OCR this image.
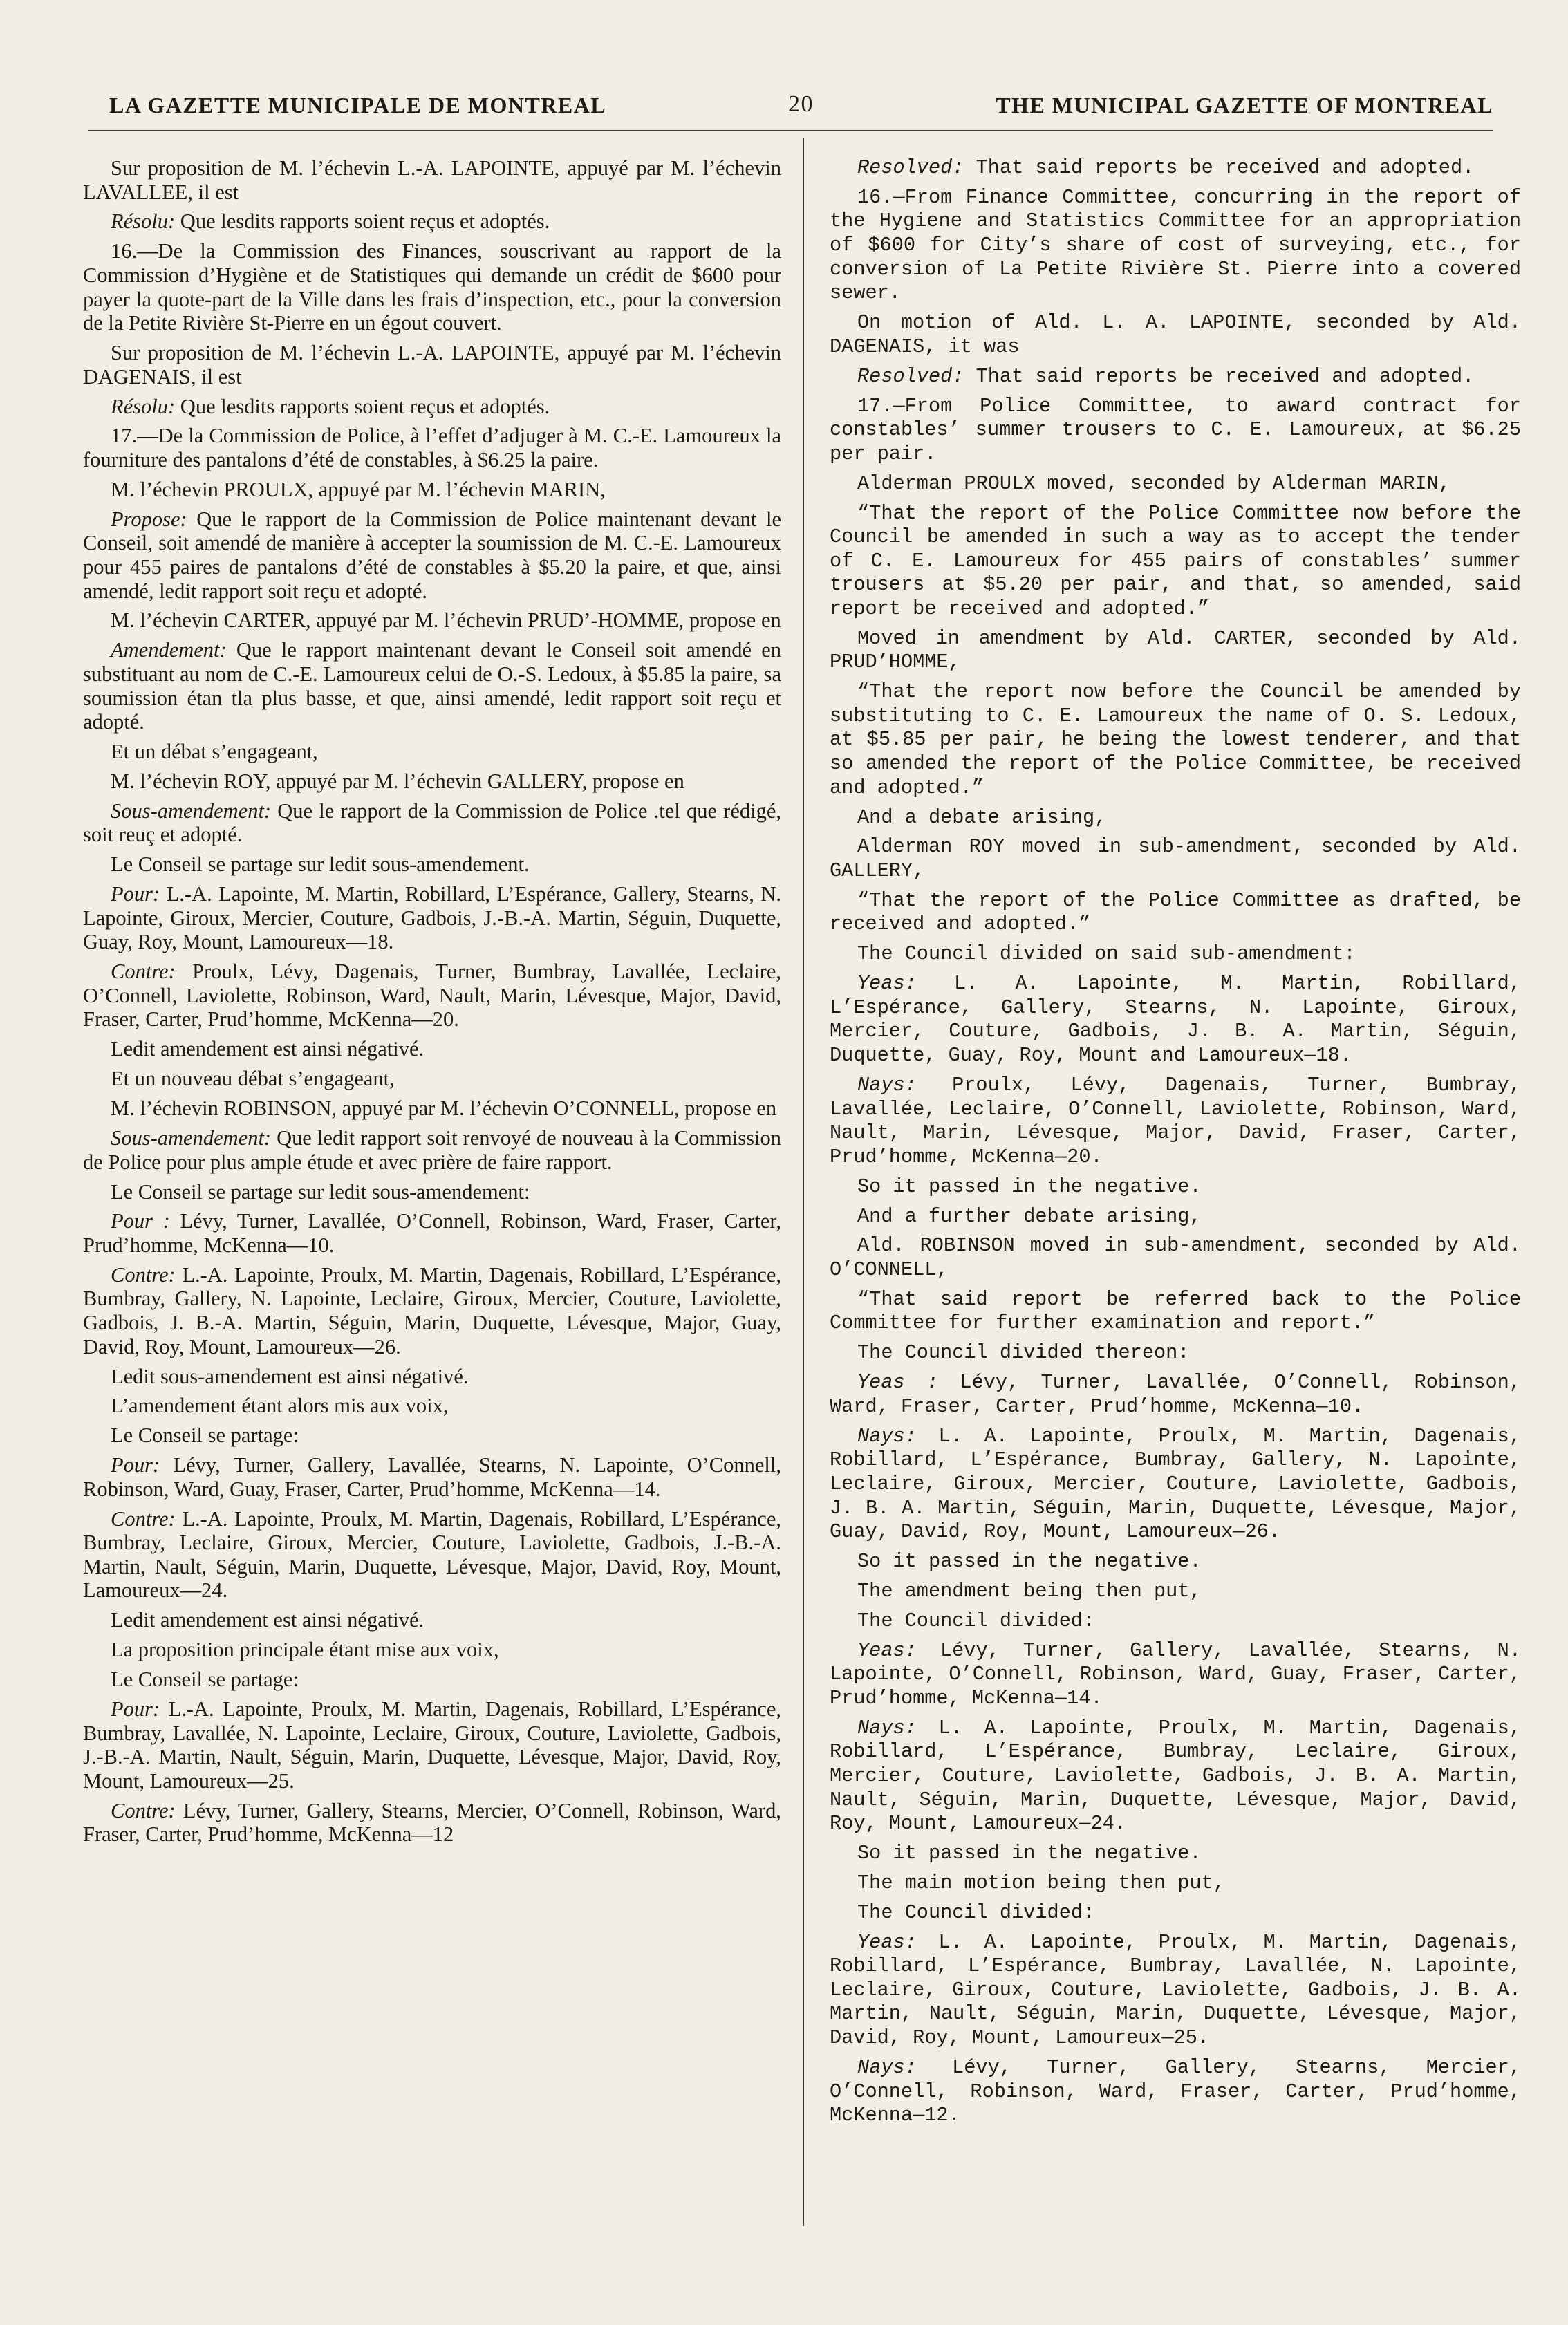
LA GAZETTE MUNICIPALE DE MONTREAL	20	THE MUNICIPAL GAZETTE OF MONTREAL

Sur proposition de M. l’échevin L.-A. LAPOINTE, appuyé par M. l’échevin LAVALLEE, il est

Résolu: Que lesdits rapports soient reçus et adoptés.

16.—De la Commission des Finances, souscrivant au rapport de la Commission d’Hygiène et de Statistiques qui demande un crédit de $600 pour payer la quote-part de la Ville dans les frais d’inspection, etc., pour la conversion de la Petite Rivière St-Pierre en un égout couvert.

Sur proposition de M. l’échevin L.-A. LAPOINTE, appuyé par M. l’échevin DAGENAIS, il est

Résolu: Que lesdits rapports soient reçus et adoptés.

17.—De la Commission de Police, à l’effet d’adjuger à M. C.-E. Lamoureux la fourniture des pantalons d’été de constables, à $6.25 la paire.

M. l’échevin PROULX, appuyé par M. l’échevin MARIN,

Propose: Que le rapport de la Commission de Police maintenant devant le Conseil, soit amendé de manière à accepter la soumission de M. C.-E. Lamoureux pour 455 paires de pantalons d’été de constables à $5.20 la paire, et que, ainsi amendé, ledit rapport soit reçu et adopté.

M. l’échevin CARTER, appuyé par M. l’échevin PRUD’-HOMME, propose en

Amendement: Que le rapport maintenant devant le Conseil soit amendé en substituant au nom de C.-E. Lamoureux celui de O.-S. Ledoux, à $5.85 la paire, sa soumission étan tla plus basse, et que, ainsi amendé, ledit rapport soit reçu et adopté.

Et un débat s’engageant,

M. l’échevin ROY, appuyé par M. l’échevin GALLERY, propose en

Sous-amendement: Que le rapport de la Commission de Police .tel que rédigé, soit reuç et adopté.

Le Conseil se partage sur ledit sous-amendement.

Pour: L.-A. Lapointe, M. Martin, Robillard, L’Espérance, Gallery, Stearns, N. Lapointe, Giroux, Mercier, Couture, Gadbois, J.-B.-A. Martin, Séguin, Duquette, Guay, Roy, Mount, Lamoureux—18.

Contre: Proulx, Lévy, Dagenais, Turner, Bumbray, Lavallée, Leclaire, O’Connell, Laviolette, Robinson, Ward, Nault, Marin, Lévesque, Major, David, Fraser, Carter, Prud’homme, McKenna—20.

Ledit amendement est ainsi négativé.

Et un nouveau débat s’engageant,

M. l’échevin ROBINSON, appuyé par M. l’échevin O’CONNELL, propose en

Sous-amendement: Que ledit rapport soit renvoyé de nouveau à la Commission de Police pour plus ample étude et avec prière de faire rapport.

Le Conseil se partage sur ledit sous-amendement:

Pour : Lévy, Turner, Lavallée, O’Connell, Robinson, Ward, Fraser, Carter, Prud’homme, McKenna—10.

Contre: L.-A. Lapointe, Proulx, M. Martin, Dagenais, Robillard, L’Espérance, Bumbray, Gallery, N. Lapointe, Leclaire, Giroux, Mercier, Couture, Laviolette, Gadbois, J. B.-A. Martin, Séguin, Marin, Duquette, Lévesque, Major, Guay, David, Roy, Mount, Lamoureux—26.

Ledit sous-amendement est ainsi négativé.

L’amendement étant alors mis aux voix,

Le Conseil se partage:

Pour: Lévy, Turner, Gallery, Lavallée, Stearns, N. Lapointe, O’Connell, Robinson, Ward, Guay, Fraser, Carter, Prud’homme, McKenna—14.

Contre: L.-A. Lapointe, Proulx, M. Martin, Dagenais, Robillard, L’Espérance, Bumbray, Leclaire, Giroux, Mercier, Couture, Laviolette, Gadbois, J.-B.-A. Martin, Nault, Séguin, Marin, Duquette, Lévesque, Major, David, Roy, Mount, Lamoureux—24.

Ledit amendement est ainsi négativé.

La proposition principale étant mise aux voix,

Le Conseil se partage:

Pour: L.-A. Lapointe, Proulx, M. Martin, Dagenais, Robillard, L’Espérance, Bumbray, Lavallée, N. Lapointe, Leclaire, Giroux, Couture, Laviolette, Gadbois, J.-B.-A. Martin, Nault, Séguin, Marin, Duquette, Lévesque, Major, David, Roy, Mount, Lamoureux—25.

Contre: Lévy, Turner, Gallery, Stearns, Mercier, O’Connell, Robinson, Ward, Fraser, Carter, Prud’homme, McKenna—12

Resolved: That said reports be received and adopted.

16.—From Finance Committee, concurring in the report of the Hygiene and Statistics Committee for an appropriation of $600 for City’s share of cost of surveying, etc., for conversion of La Petite Rivière St. Pierre into a covered sewer.

On motion of Ald. L. A. LAPOINTE, seconded by Ald. DAGENAIS, it was

Resolved: That said reports be received and adopted.

17.—From Police Committee, to award contract for constables’ summer trousers to C. E. Lamoureux, at $6.25 per pair.

Alderman PROULX moved, seconded by Alderman MARIN,

“That the report of the Police Committee now before the Council be amended in such a way as to accept the tender of C. E. Lamoureux for 455 pairs of constables’ summer trousers at $5.20 per pair, and that, so amended, said report be received and adopted.”

Moved in amendment by Ald. CARTER, seconded by Ald. PRUD’HOMME,

“That the report now before the Council be amended by substituting to C. E. Lamoureux the name of O. S. Ledoux, at $5.85 per pair, he being the lowest tenderer, and that so amended the report of the Police Committee, be received and adopted.”

And a debate arising,

Alderman ROY moved in sub-amendment, seconded by Ald. GALLERY,

“That the report of the Police Committee as drafted, be received and adopted.”

The Council divided on said sub-amendment:

Yeas: L. A. Lapointe, M. Martin, Robillard, L’Espérance, Gallery, Stearns, N. Lapointe, Giroux, Mercier, Couture, Gadbois, J. B. A. Martin, Séguin, Duquette, Guay, Roy, Mount and Lamoureux—18.

Nays: Proulx, Lévy, Dagenais, Turner, Bumbray, Lavallée, Leclaire, O’Connell, Laviolette, Robinson, Ward, Nault, Marin, Lévesque, Major, David, Fraser, Carter, Prud’homme, McKenna—20.

So it passed in the negative.

And a further debate arising,

Ald. ROBINSON moved in sub-amendment, seconded by Ald. O’CONNELL,

“That said report be referred back to the Police Committee for further examination and report.”

The Council divided thereon:

Yeas : Lévy, Turner, Lavallée, O’Connell, Robinson, Ward, Fraser, Carter, Prud’homme, McKenna—10.

Nays: L. A. Lapointe, Proulx, M. Martin, Dagenais, Robillard, L’Espérance, Bumbray, Gallery, N. Lapointe, Leclaire, Giroux, Mercier, Couture, Laviolette, Gadbois, J. B. A. Martin, Séguin, Marin, Duquette, Lévesque, Major, Guay, David, Roy, Mount, Lamoureux—26.

So it passed in the negative.

The amendment being then put,

The Council divided:

Yeas: Lévy, Turner, Gallery, Lavallée, Stearns, N. Lapointe, O’Connell, Robinson, Ward, Guay, Fraser, Carter, Prud’homme, McKenna—14.

Nays: L. A. Lapointe, Proulx, M. Martin, Dagenais, Robillard, L’Espérance, Bumbray, Leclaire, Giroux, Mercier, Couture, Laviolette, Gadbois, J. B. A. Martin, Nault, Séguin, Marin, Duquette, Lévesque, Major, David, Roy, Mount, Lamoureux—24.

So it passed in the negative.

The main motion being then put,

The Council divided:

Yeas: L. A. Lapointe, Proulx, M. Martin, Dagenais, Robillard, L’Espérance, Bumbray, Lavallée, N. Lapointe, Leclaire, Giroux, Couture, Laviolette, Gadbois, J. B. A. Martin, Nault, Séguin, Marin, Duquette, Lévesque, Major, David, Roy, Mount, Lamoureux—25.

Nays: Lévy, Turner, Gallery, Stearns, Mercier, O’Connell, Robinson, Ward, Fraser, Carter, Prud’homme, McKenna—12.
